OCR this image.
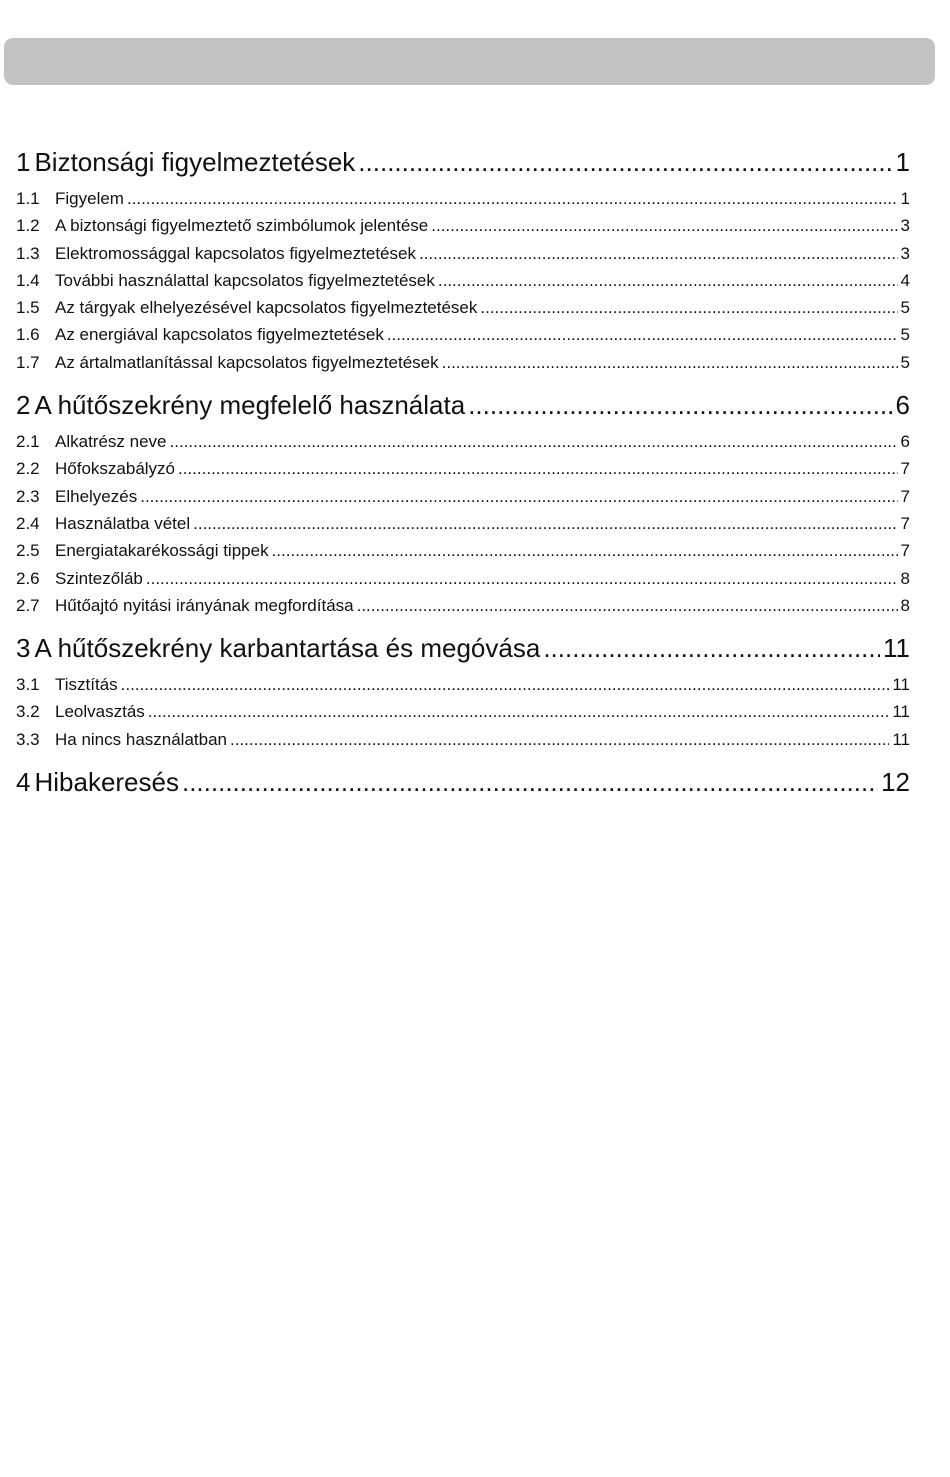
1 Biztonsági figyelmeztetések .....	1
1.1 Figyelem .....	1
1.2 A biztonsági figyelmeztető szimbólumok jelentése .....	3
1.3 Elektromossággal kapcsolatos figyelmeztetések .....	3
1.4 További használattal kapcsolatos figyelmeztetések .....	4
1.5 Az tárgyak elhelyezésével kapcsolatos figyelmeztetések .....	5
1.6 Az energiával kapcsolatos figyelmeztetések .....	5
1.7 Az ártalmatlanítással kapcsolatos figyelmeztetések .....	5
2 A hűtőszekrény megfelelő használata .....	6
2.1 Alkatrész neve .....	6
2.2 Hőfokszabályzó .....	7
2.3 Elhelyezés .....	7
2.4 Használatba vétel .....	7
2.5 Energiatakarékossági tippek .....	7
2.6 Szintezőláb .....	8
2.7 Hűtőajtó nyitási irányának megfordítása .....	8
3 A hűtőszekrény karbantartása és megóvása .....	11
3.1 Tisztítás .....	11
3.2 Leolvasztás .....	11
3.3 Ha nincs használatban .....	11
4 Hibakeresés .....	12
